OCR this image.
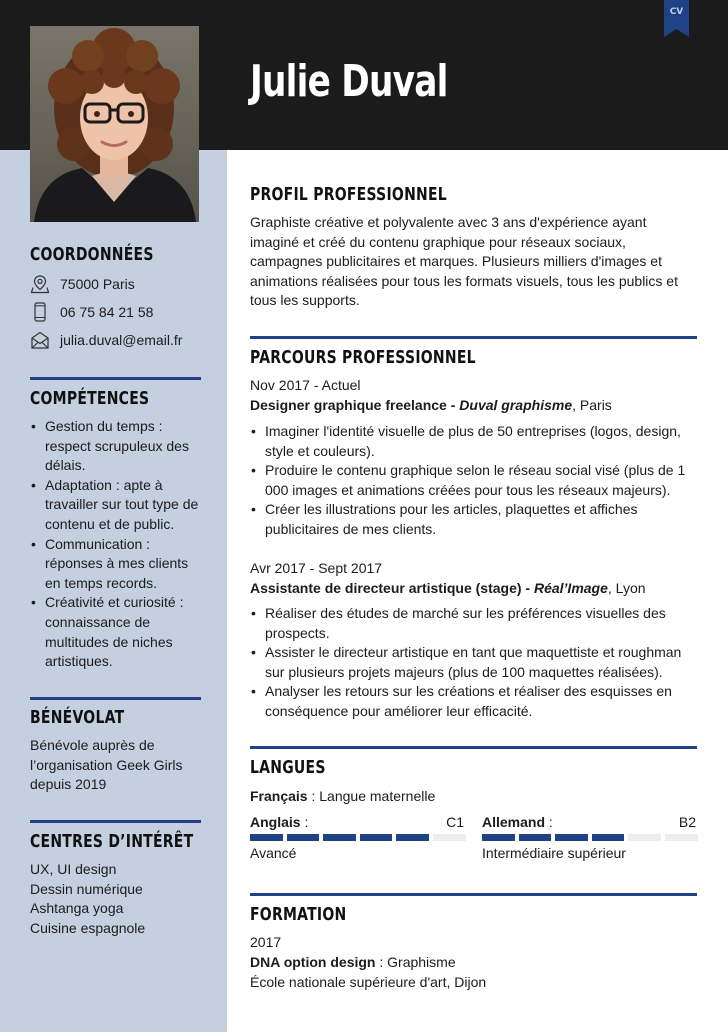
Julie Duval
CV
COORDONNÉES
75000 Paris
06 75 84 21 58
julia.duval@email.fr
COMPÉTENCES
• Gestion du temps : respect scrupuleux des délais.
• Adaptation : apte à travailler sur tout type de contenu et de public.
• Communication : réponses à mes clients en temps records.
• Créativité et curiosité : connaissance de multitudes de niches artistiques.
BÉNÉVOLAT
Bénévole auprès de l’organisation Geek Girls depuis 2019
CENTRES D’INTÉRÊT
UX, UI design
Dessin numérique
Ashtanga yoga
Cuisine espagnole
PROFIL PROFESSIONNEL
Graphiste créative et polyvalente avec 3 ans d'expérience ayant imaginé et créé du contenu graphique pour réseaux sociaux, campagnes publicitaires et marques. Plusieurs milliers d'images et animations réalisées pour tous les formats visuels, tous les publics et tous les supports.
PARCOURS PROFESSIONNEL
Nov 2017 - Actuel
Designer graphique freelance - Duval graphisme, Paris
• Imaginer l'identité visuelle de plus de 50 entreprises (logos, design, style et couleurs).
• Produire le contenu graphique selon le réseau social visé (plus de 1 000 images et animations créées pour tous les réseaux majeurs).
• Créer les illustrations pour les articles, plaquettes et affiches publicitaires de mes clients.
Avr 2017 - Sept 2017
Assistante de directeur artistique (stage) - Réal’Image, Lyon
• Réaliser des études de marché sur les préférences visuelles des prospects.
• Assister le directeur artistique en tant que maquettiste et roughman sur plusieurs projets majeurs (plus de 100 maquettes réalisées).
• Analyser les retours sur les créations et réaliser des esquisses en conséquence pour améliorer leur efficacité.
LANGUES
Français : Langue maternelle
Anglais :	C1
Avancé
Allemand :	B2
Intermédiaire supérieur
FORMATION
2017
DNA option design : Graphisme
École nationale supérieure d'art, Dijon
